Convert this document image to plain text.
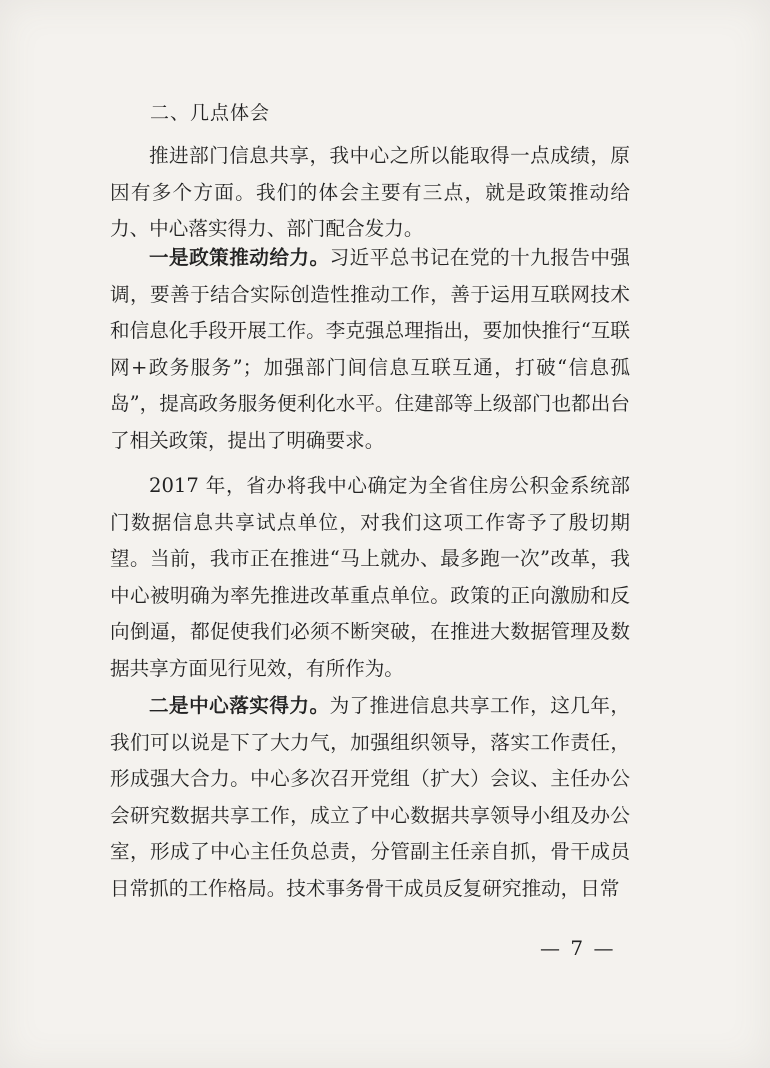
二、几点体会

推进部门信息共享，我中心之所以能取得一点成绩，原因有多个方面。我们的体会主要有三点，就是政策推动给力、中心落实得力、部门配合发力。

一是政策推动给力。习近平总书记在党的十九报告中强调，要善于结合实际创造性推动工作，善于运用互联网技术和信息化手段开展工作。李克强总理指出，要加快推行“互联网+政务服务”；加强部门间信息互联互通，打破“信息孤岛”，提高政务服务便利化水平。住建部等上级部门也都出台了相关政策，提出了明确要求。

2017 年，省办将我中心确定为全省住房公积金系统部门数据信息共享试点单位，对我们这项工作寄予了殷切期望。当前，我市正在推进“马上就办、最多跑一次”改革，我中心被明确为率先推进改革重点单位。政策的正向激励和反向倒逼，都促使我们必须不断突破，在推进大数据管理及数据共享方面见行见效，有所作为。

二是中心落实得力。为了推进信息共享工作，这几年，我们可以说是下了大力气，加强组织领导，落实工作责任，形成强大合力。中心多次召开党组（扩大）会议、主任办公会研究数据共享工作，成立了中心数据共享领导小组及办公室，形成了中心主任负总责，分管副主任亲自抓，骨干成员日常抓的工作格局。技术事务骨干成员反复研究推动，日常

— 7 —
